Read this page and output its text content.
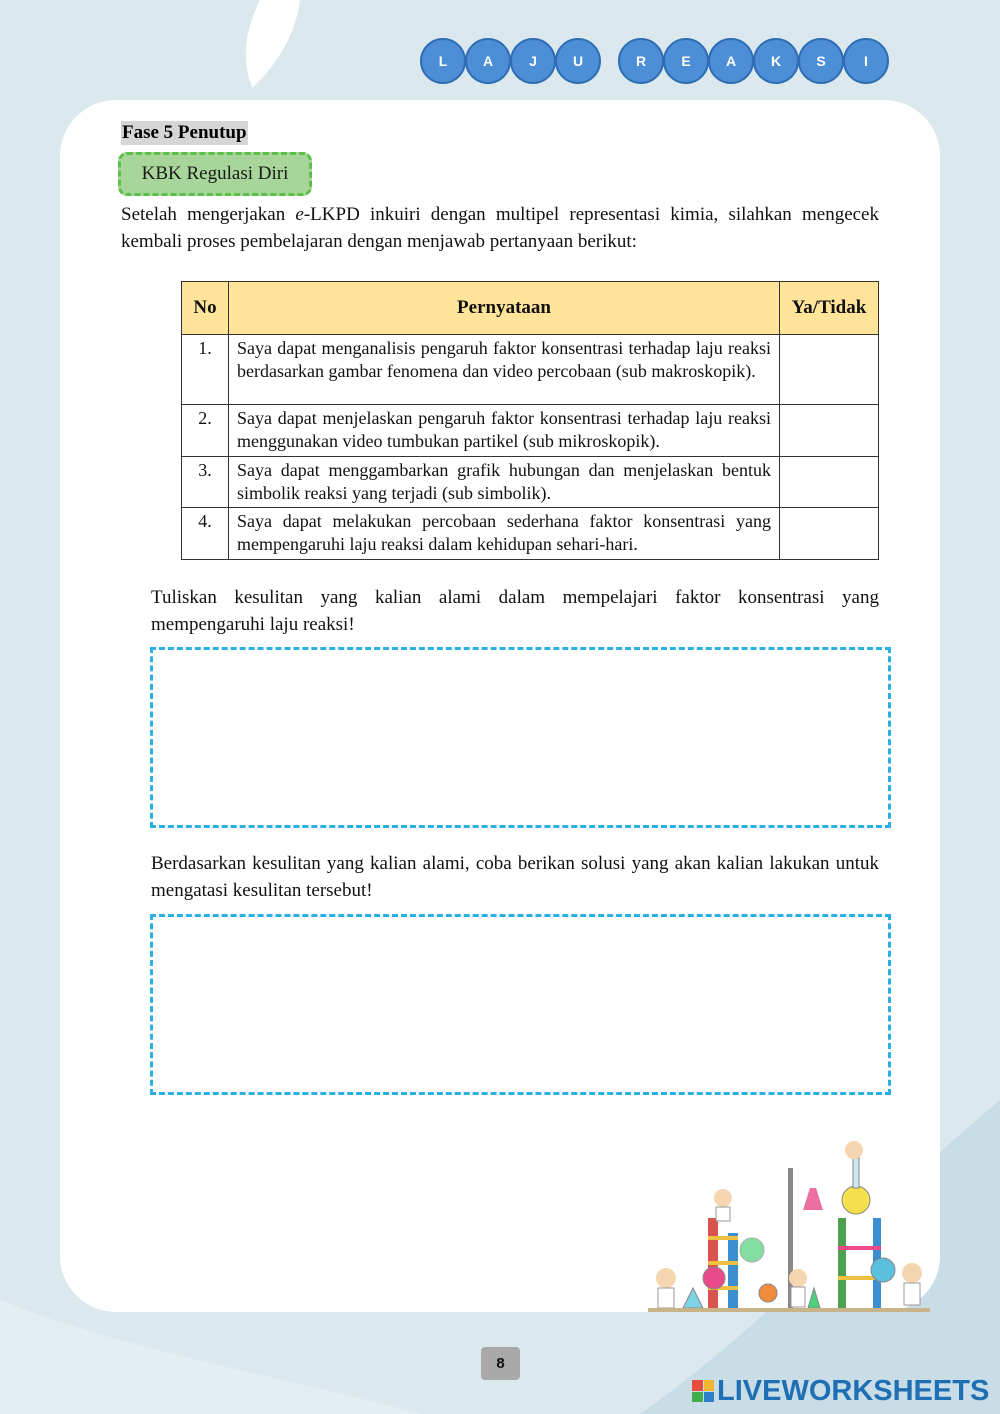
L	A	J	U	R	E	A	K	S	I
Fase 5 Penutup
KBK Regulasi Diri
Setelah mengerjakan e-LKPD inkuiri dengan multipel representasi kimia, silahkan mengecek kembali proses pembelajaran dengan menjawab pertanyaan berikut:
No	Pernyataan	Ya/Tidak
1.	Saya dapat menganalisis pengaruh faktor konsentrasi terhadap laju reaksi berdasarkan gambar fenomena dan video percobaan (sub makroskopik).	
2.	Saya dapat menjelaskan pengaruh faktor konsentrasi terhadap laju reaksi menggunakan video tumbukan partikel (sub mikroskopik).	
3.	Saya dapat menggambarkan grafik hubungan dan menjelaskan bentuk simbolik reaksi yang terjadi (sub simbolik).	
4.	Saya dapat melakukan percobaan sederhana faktor konsentrasi yang mempengaruhi laju reaksi dalam kehidupan sehari-hari.	
Tuliskan kesulitan yang kalian alami dalam mempelajari faktor konsentrasi yang mempengaruhi laju reaksi!
Berdasarkan kesulitan yang kalian alami, coba berikan solusi yang akan kalian lakukan untuk mengatasi kesulitan tersebut!
8
LIVEWORKSHEETS
